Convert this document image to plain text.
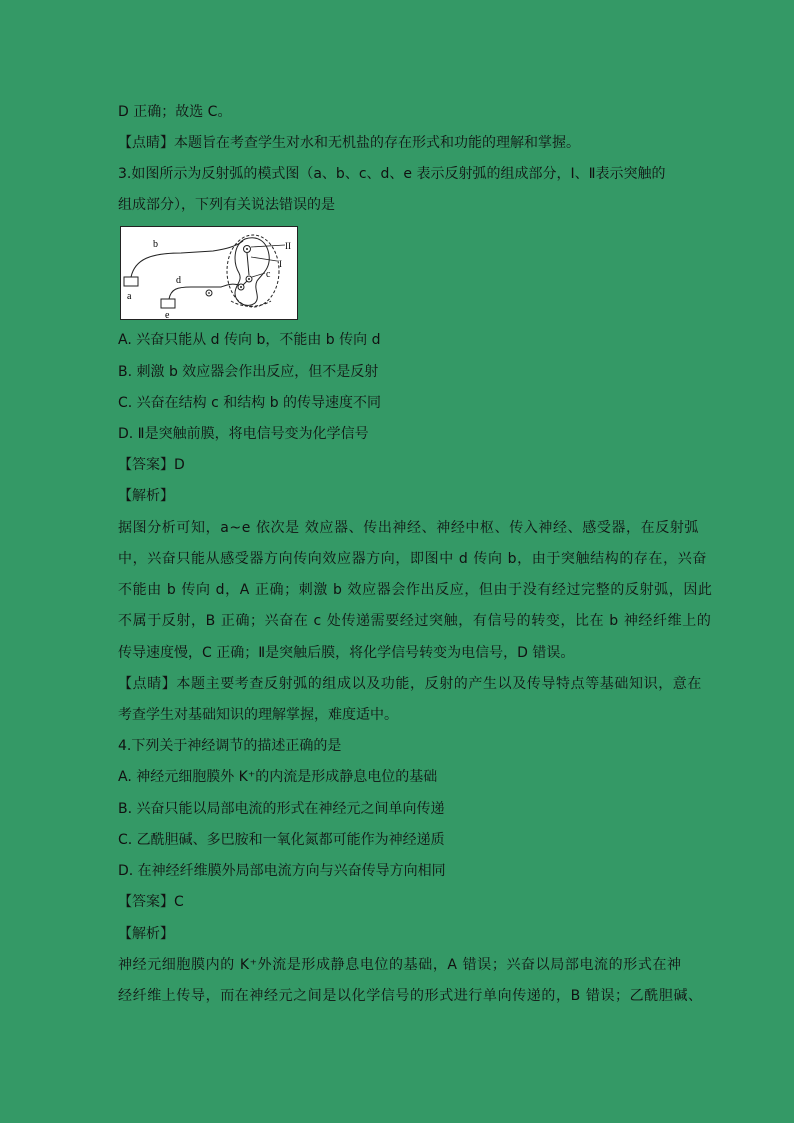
D 正确；故选 C。
【点睛】本题旨在考查学生对水和无机盐的存在形式和功能的理解和掌握。
3.如图所示为反射弧的模式图（a、b、c、d、e 表示反射弧的组成部分，Ⅰ、Ⅱ表示突触的
组成部分），下列有关说法错误的是
a
b
d
e
II
I
c
A. 兴奋只能从 d 传向 b，不能由 b 传向 d
B. 刺激 b 效应器会作出反应，但不是反射
C. 兴奋在结构 c 和结构 b 的传导速度不同
D. Ⅱ是突触前膜，将电信号变为化学信号
【答案】D
【解析】
据图分析可知，a~e 依次是 效应器、传出神经、神经中枢、传入神经、感受器，在反射弧
中，兴奋只能从感受器方向传向效应器方向，即图中 d 传向 b，由于突触结构的存在，兴奋
不能由 b 传向 d，A 正确；刺激 b 效应器会作出反应，但由于没有经过完整的反射弧，因此
不属于反射，B 正确；兴奋在 c 处传递需要经过突触，有信号的转变，比在 b 神经纤维上的
传导速度慢，C 正确；Ⅱ是突触后膜，将化学信号转变为电信号，D 错误。
【点睛】本题主要考查反射弧的组成以及功能，反射的产生以及传导特点等基础知识，意在
考查学生对基础知识的理解掌握，难度适中。
4.下列关于神经调节的描述正确的是
A. 神经元细胞膜外 K⁺的内流是形成静息电位的基础
B. 兴奋只能以局部电流的形式在神经元之间单向传递
C. 乙酰胆碱、多巴胺和一氧化氮都可能作为神经递质
D. 在神经纤维膜外局部电流方向与兴奋传导方向相同
【答案】C
【解析】
神经元细胞膜内的 K⁺外流是形成静息电位的基础，A 错误；兴奋以局部电流的形式在神
经纤维上传导，而在神经元之间是以化学信号的形式进行单向传递的，B 错误；乙酰胆碱、
